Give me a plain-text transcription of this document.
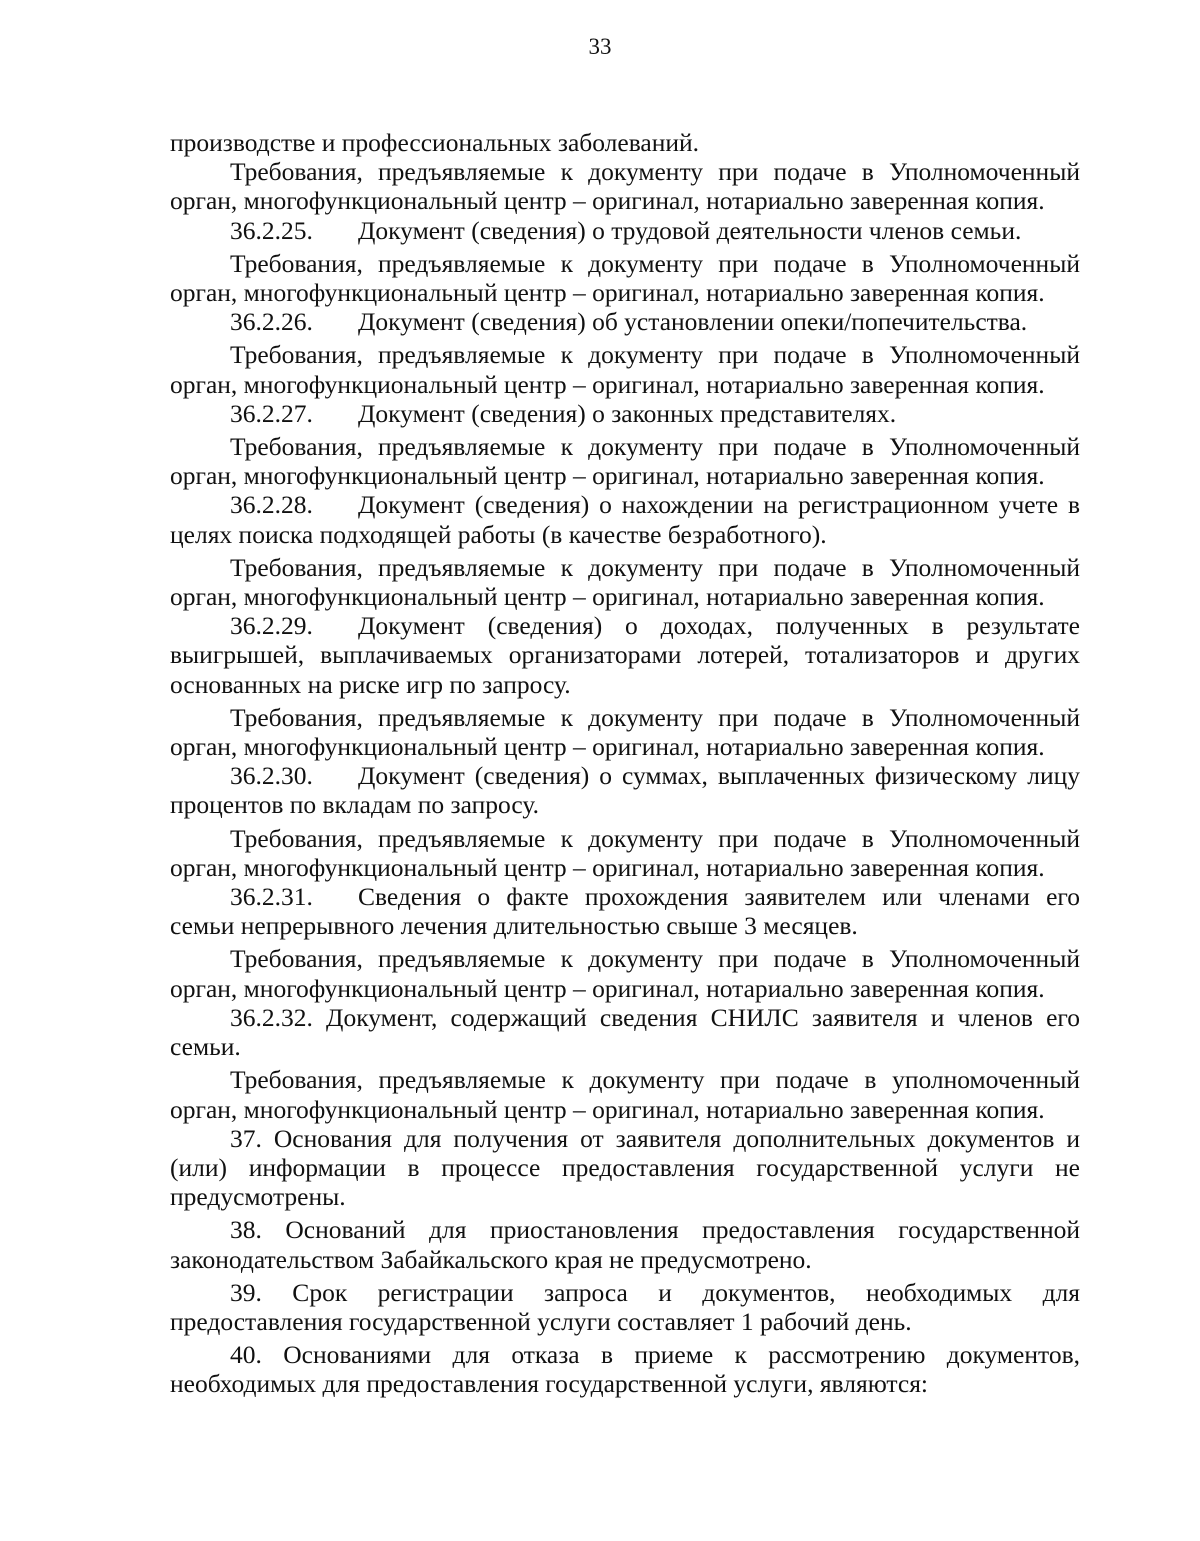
33

производстве и профессиональных заболеваний.

Требования, предъявляемые к документу при подаче в Уполномоченный орган, многофункциональный центр – оригинал, нотариально заверенная копия.

36.2.25. Документ (сведения) о трудовой деятельности членов семьи.

Требования, предъявляемые к документу при подаче в Уполномоченный орган, многофункциональный центр – оригинал, нотариально заверенная копия.

36.2.26. Документ (сведения) об установлении опеки/попечительства.

Требования, предъявляемые к документу при подаче в Уполномоченный орган, многофункциональный центр – оригинал, нотариально заверенная копия.

36.2.27. Документ (сведения) о законных представителях.

Требования, предъявляемые к документу при подаче в Уполномоченный орган, многофункциональный центр – оригинал, нотариально заверенная копия.

36.2.28. Документ (сведения) о нахождении на регистрационном учете в целях поиска подходящей работы (в качестве безработного).

Требования, предъявляемые к документу при подаче в Уполномоченный орган, многофункциональный центр – оригинал, нотариально заверенная копия.

36.2.29. Документ (сведения) о доходах, полученных в результате выигрышей, выплачиваемых организаторами лотерей, тотализаторов и других основанных на риске игр по запросу.

Требования, предъявляемые к документу при подаче в Уполномоченный орган, многофункциональный центр – оригинал, нотариально заверенная копия.

36.2.30. Документ (сведения) о суммах, выплаченных физическому лицу процентов по вкладам по запросу.

Требования, предъявляемые к документу при подаче в Уполномоченный орган, многофункциональный центр – оригинал, нотариально заверенная копия.

36.2.31. Сведения о факте прохождения заявителем или членами его семьи непрерывного лечения длительностью свыше 3 месяцев.

Требования, предъявляемые к документу при подаче в Уполномоченный орган, многофункциональный центр – оригинал, нотариально заверенная копия.

36.2.32. Документ, содержащий сведения СНИЛС заявителя и членов его семьи.

Требования, предъявляемые к документу при подаче в уполномоченный орган, многофункциональный центр – оригинал, нотариально заверенная копия.

37. Основания для получения от заявителя дополнительных документов и (или) информации в процессе предоставления государственной услуги не предусмотрены.

38. Оснований для приостановления предоставления государственной законодательством Забайкальского края не предусмотрено.

39. Срок регистрации запроса и документов, необходимых для предоставления государственной услуги составляет 1 рабочий день.

40. Основаниями для отказа в приеме к рассмотрению документов, необходимых для предоставления государственной услуги, являются:
